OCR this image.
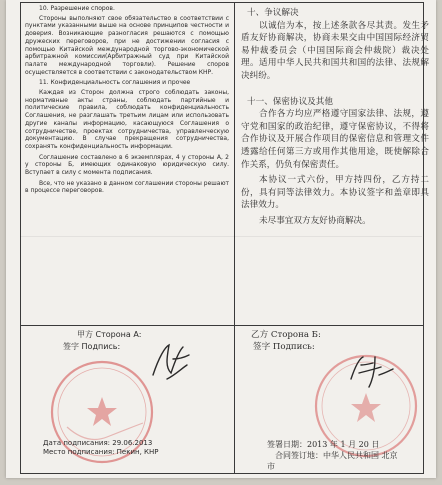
10. Разрешение споров.

Стороны выполняют свое обязательство в соответствии с пунктами указанными выше на основе принципов честности и доверия. Возникающие разногласия решаются с помощью дружеских переговоров, при не достижении согласия с помощью Китайской международной торгово-экономической арбитражной комиссии(Арбитражный суд при Китайской палате международной торговли). Решение споров осуществляется в соответствии с законодательством КНР.

11. Конфиденциальность соглашения и прочее

Каждая из Сторон должна строго соблюдать законы, нормативные акты страны, соблюдать партийные и политические правила, соблюдать конфиденциальность Соглашения, не разглашать третьим лицам или использовать другие каналы информацию, касающуюся Соглашения о сотрудничестве, проектах сотрудничества, управленческую документацию. В случае прекращения сотрудничества, сохранять конфиденциальность информации.

Соглашение составлено в 6 экземплярах, 4 у стороны А, 2 у стороны Б, имеющих одинаковую юридическую силу. Вступает в силу с момента подписания.

Все, что не указано в данном соглашении стороны решают в процессе переговоров.

十、争议解决

以诚信为本，按上述条款各尽其责。发生矛盾友好协商解决，协商未果交由中国国际经济贸易仲裁委员会（中国国际商会仲裁院）裁决处理。适用中华人民共和国共和国的法律、法规解决纠纷。

十一、保密协议及其他

合作各方均应严格遵守国家法律、法规，遵守党和国家的政治纪律，遵守保密协议，不得将合作协议及开展合作项目的保密信息和管理文件透露给任何第三方或用作其他用途，既使解除合作关系，仍负有保密责任。

本协议一式六份，甲方持四份，乙方持二份，具有同等法律效力。本协议签字和盖章即具法律效力。

未尽事宜双方友好协商解决。

甲方 Сторона А:
签字 Подпись:
Дата подписания: 29.06.2013
Место подписания: Пекин, КНР
乙方 Сторона Б:
签字 Подпись:
签署日期：2013 年 1 月 20 日
合同签订地：中华人民共和国 北京
市
